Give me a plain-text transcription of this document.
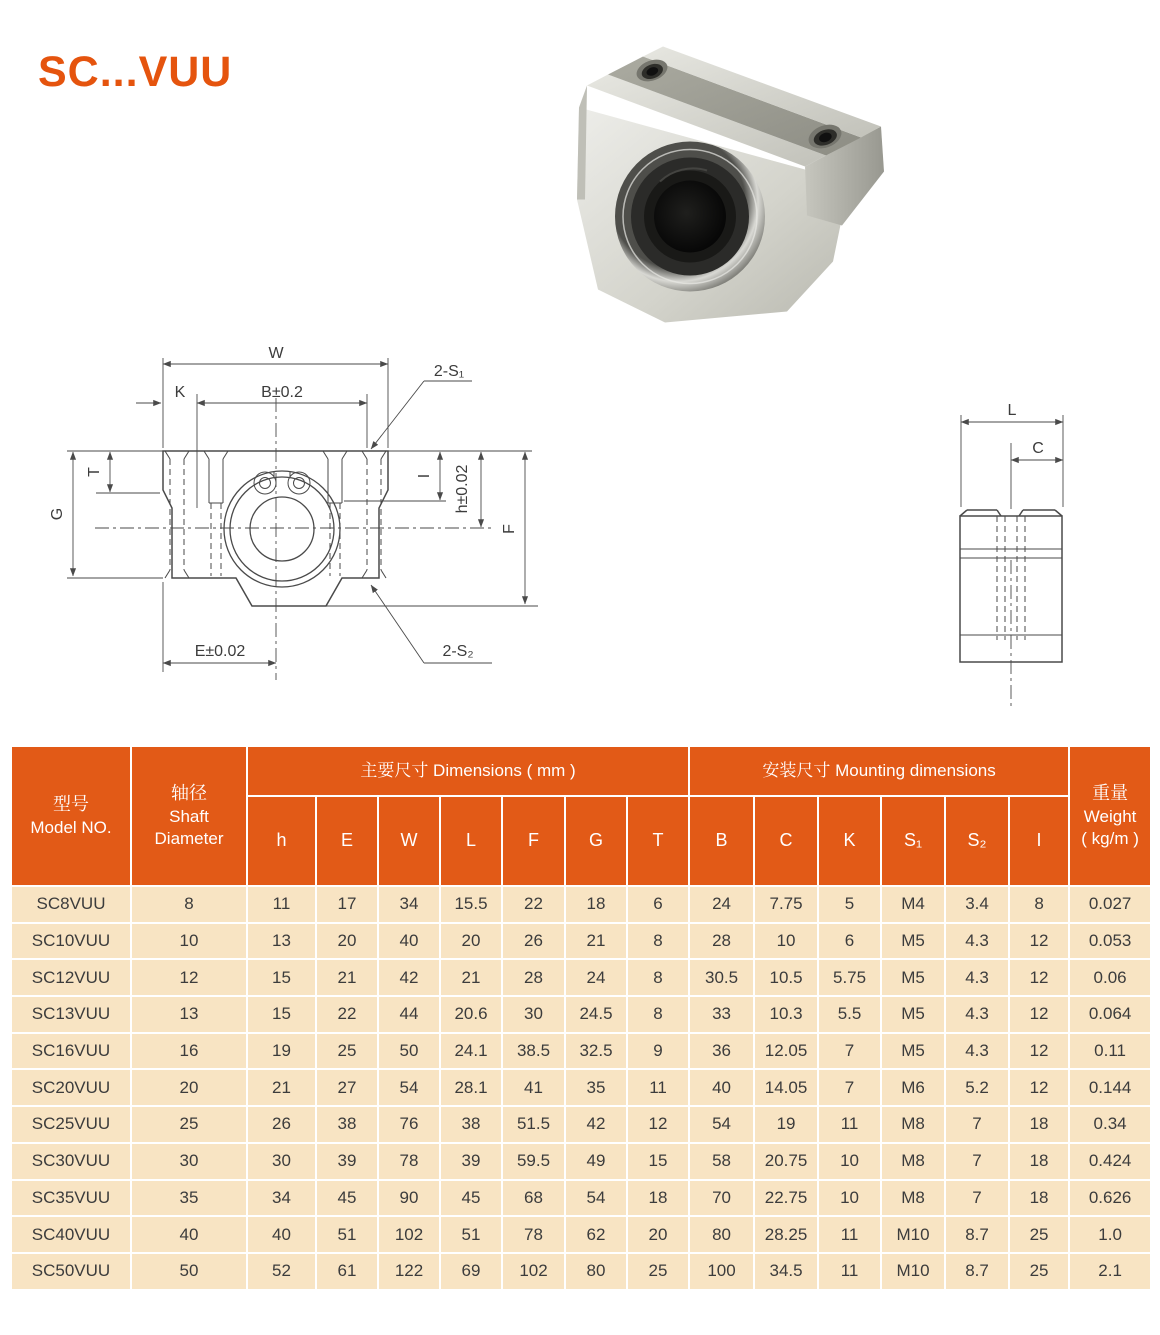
SC...VUU
W
K	B±0.2
2-S₁
T
G
I h±0.02
F
E±0.02	2-S₂
L
C
型号
Model NO.	轴径
Shaft
Diameter	主要尺寸 Dimensions ( mm )							安装尺寸 Mounting dimensions						重量
Weight
( kg/m )

		h	E	W	L	F	G	T	B	C	K	S₁	S₂	I	
SC8VUU	8	11	17	34	15.5	22	18	6	24	7.75	5	M4	3.4	8	0.027
SC10VUU	10	13	20	40	20	26	21	8	28	10	6	M5	4.3	12	0.053
SC12VUU	12	15	21	42	21	28	24	8	30.5	10.5	5.75	M5	4.3	12	0.06
SC13VUU	13	15	22	44	20.6	30	24.5	8	33	10.3	5.5	M5	4.3	12	0.064
SC16VUU	16	19	25	50	24.1	38.5	32.5	9	36	12.05	7	M5	4.3	12	0.11
SC20VUU	20	21	27	54	28.1	41	35	11	40	14.05	7	M6	5.2	12	0.144
SC25VUU	25	26	38	76	38	51.5	42	12	54	19	11	M8	7	18	0.34
SC30VUU	30	30	39	78	39	59.5	49	15	58	20.75	10	M8	7	18	0.424
SC35VUU	35	34	45	90	45	68	54	18	70	22.75	10	M8	7	18	0.626
SC40VUU	40	40	51	102	51	78	62	20	80	28.25	11	M10	8.7	25	1.0
SC50VUU	50	52	61	122	69	102	80	25	100	34.5	11	M10	8.7	25	2.1
